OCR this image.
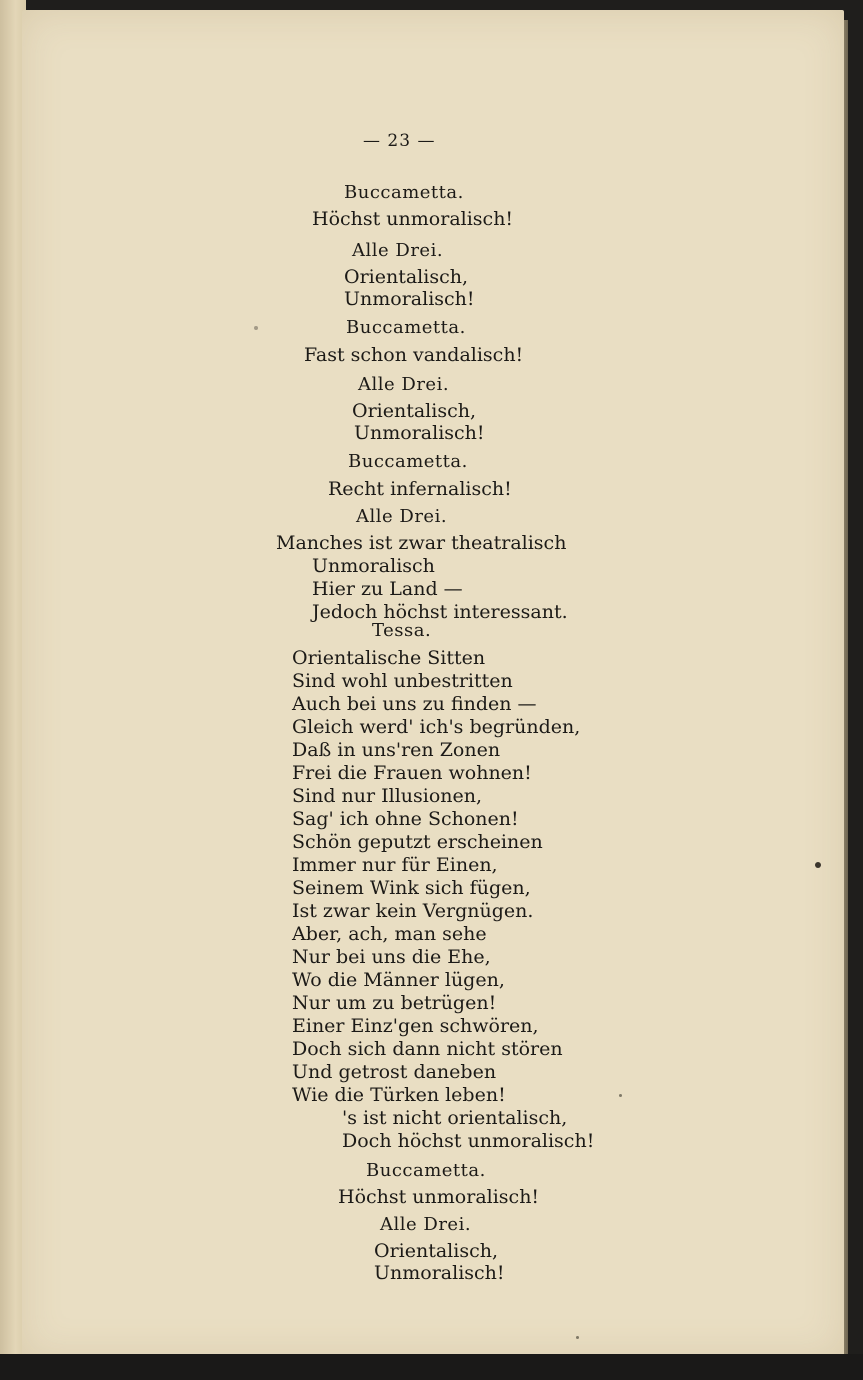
— 23 —
Buccametta.
Höchst unmoralisch!
Alle Drei.
Orientalisch,
Unmoralisch!
Buccametta.
Fast schon vandalisch!
Alle Drei.
Orientalisch,
Unmoralisch!
Buccametta.
Recht infernalisch!
Alle Drei.
Manches ist zwar theatralisch
Unmoralisch
Hier zu Land —
Jedoch höchst interessant.
Tessa.
Orientalische Sitten
Sind wohl unbestritten
Auch bei uns zu finden —
Gleich werd' ich's begründen,
Daß in uns'ren Zonen
Frei die Frauen wohnen!
Sind nur Illusionen,
Sag' ich ohne Schonen!
Schön geputzt erscheinen
Immer nur für Einen,
Seinem Wink sich fügen,
Ist zwar kein Vergnügen.
Aber, ach, man sehe
Nur bei uns die Ehe,
Wo die Männer lügen,
Nur um zu betrügen!
Einer Einz'gen schwören,
Doch sich dann nicht stören
Und getrost daneben
Wie die Türken leben!
's ist nicht orientalisch,
Doch höchst unmoralisch!
Buccametta.
Höchst unmoralisch!
Alle Drei.
Orientalisch,
Unmoralisch!
